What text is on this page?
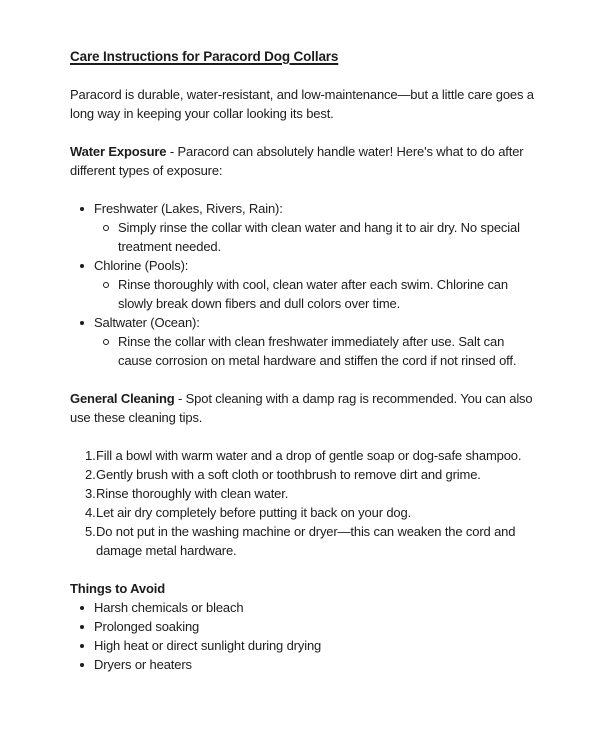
Care Instructions for Paracord Dog Collars

Paracord is durable, water-resistant, and low-maintenance—but a little care goes a long way in keeping your collar looking its best.

Water Exposure - Paracord can absolutely handle water! Here's what to do after different types of exposure:

Freshwater (Lakes, Rivers, Rain):
Simply rinse the collar with clean water and hang it to air dry. No special treatment needed.
Chlorine (Pools):
Rinse thoroughly with cool, clean water after each swim. Chlorine can slowly break down fibers and dull colors over time.
Saltwater (Ocean):
Rinse the collar with clean freshwater immediately after use. Salt can cause corrosion on metal hardware and stiffen the cord if not rinsed off.

General Cleaning - Spot cleaning with a damp rag is recommended. You can also use these cleaning tips.

1. Fill a bowl with warm water and a drop of gentle soap or dog-safe shampoo.
2. Gently brush with a soft cloth or toothbrush to remove dirt and grime.
3. Rinse thoroughly with clean water.
4. Let air dry completely before putting it back on your dog.
5. Do not put in the washing machine or dryer—this can weaken the cord and damage metal hardware.

Things to Avoid

Harsh chemicals or bleach
Prolonged soaking
High heat or direct sunlight during drying
Dryers or heaters
